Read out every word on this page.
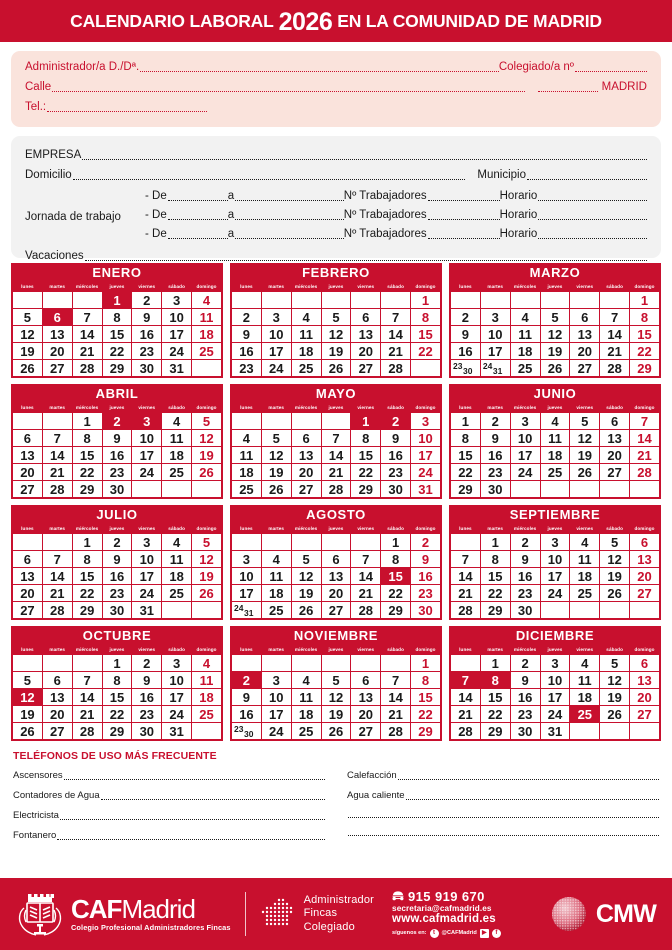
CALENDARIO LABORAL 2026 EN LA COMUNIDAD DE MADRID
Administrador/a D./Dª.	Colegiado/a nº
Calle	MADRID
Tel.:
EMPRESA
Domicilio	Municipio
Jornada de trabajo
- De	a	Nº Trabajadores	Horario
- De	a	Nº Trabajadores	Horario
- De	a	Nº Trabajadores	Horario
Vacaciones
ENERO
lunes	martes	miércoles	jueves	viernes	sábado	domingo
			1	2	3	4
5	6	7	8	9	10	11
12	13	14	15	16	17	18
19	20	21	22	23	24	25
26	27	28	29	30	31	
FEBRERO
lunes	martes	miércoles	jueves	viernes	sábado	domingo
						1
2	3	4	5	6	7	8
9	10	11	12	13	14	15
16	17	18	19	20	21	22
23	24	25	26	27	28	
MARZO
lunes	martes	miércoles	jueves	viernes	sábado	domingo
						1
2	3	4	5	6	7	8
9	10	11	12	13	14	15
16	17	18	19	20	21	22

23 30	24 31	25	26	27	28	29
ABRIL
lunes	martes	miércoles	jueves	viernes	sábado	domingo
		1	2	3	4	5
6	7	8	9	10	11	12
13	14	15	16	17	18	19
20	21	22	23	24	25	26
27	28	29	30			
MAYO
lunes	martes	miércoles	jueves	viernes	sábado	domingo
				1	2	3
4	5	6	7	8	9	10
11	12	13	14	15	16	17
18	19	20	21	22	23	24
25	26	27	28	29	30	31
JUNIO
lunes	martes	miércoles	jueves	viernes	sábado	domingo
1	2	3	4	5	6	7
8	9	10	11	12	13	14
15	16	17	18	19	20	21
22	23	24	25	26	27	28
29	30					
JULIO
lunes	martes	miércoles	jueves	viernes	sábado	domingo
		1	2	3	4	5
6	7	8	9	10	11	12
13	14	15	16	17	18	19
20	21	22	23	24	25	26
27	28	29	30	31		
AGOSTO
lunes	martes	miércoles	jueves	viernes	sábado	domingo
					1	2
3	4	5	6	7	8	9
10	11	12	13	14	15	16
17	18	19	20	21	22	23

24 31	25	26	27	28	29	30
SEPTIEMBRE
lunes	martes	miércoles	jueves	viernes	sábado	domingo
	1	2	3	4	5	6
7	8	9	10	11	12	13
14	15	16	17	18	19	20
21	22	23	24	25	26	27
28	29	30				
OCTUBRE
lunes	martes	miércoles	jueves	viernes	sábado	domingo
			1	2	3	4
5	6	7	8	9	10	11
12	13	14	15	16	17	18
19	20	21	22	23	24	25
26	27	28	29	30	31	
NOVIEMBRE
lunes	martes	miércoles	jueves	viernes	sábado	domingo
						1
2	3	4	5	6	7	8
9	10	11	12	13	14	15
16	17	18	19	20	21	22

23 30	24	25	26	27	28	29
DICIEMBRE
lunes	martes	miércoles	jueves	viernes	sábado	domingo
	1	2	3	4	5	6
7	8	9	10	11	12	13
14	15	16	17	18	19	20
21	22	23	24	25	26	27
28	29	30	31			
TELÉFONOS DE USO MÁS FRECUENTE
Ascensores
Contadores de Agua
Electricista
Fontanero
Calefacción
Agua caliente
CAFMadrid
Colegio Profesional Administradores Fincas
Administrador
Fincas
Colegiado
915 919 670
secretaria@cafmadrid.es
www.cafmadrid.es
síguenos en:	t	@CAFMadrid ▶	f
CMW
